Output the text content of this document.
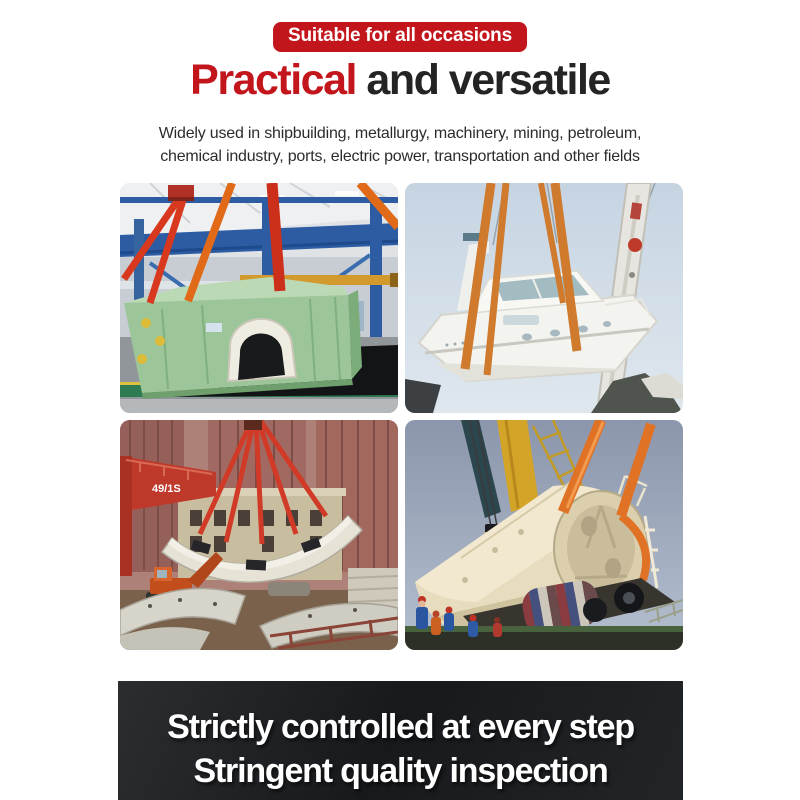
Suitable for all occasions
Practical and versatile

Widely used in shipbuilding, metallurgy, machinery, mining, petroleum,
chemical industry, ports, electric power, transportation and other fields

49/1S
Strictly controlled at every step
Stringent quality inspection
